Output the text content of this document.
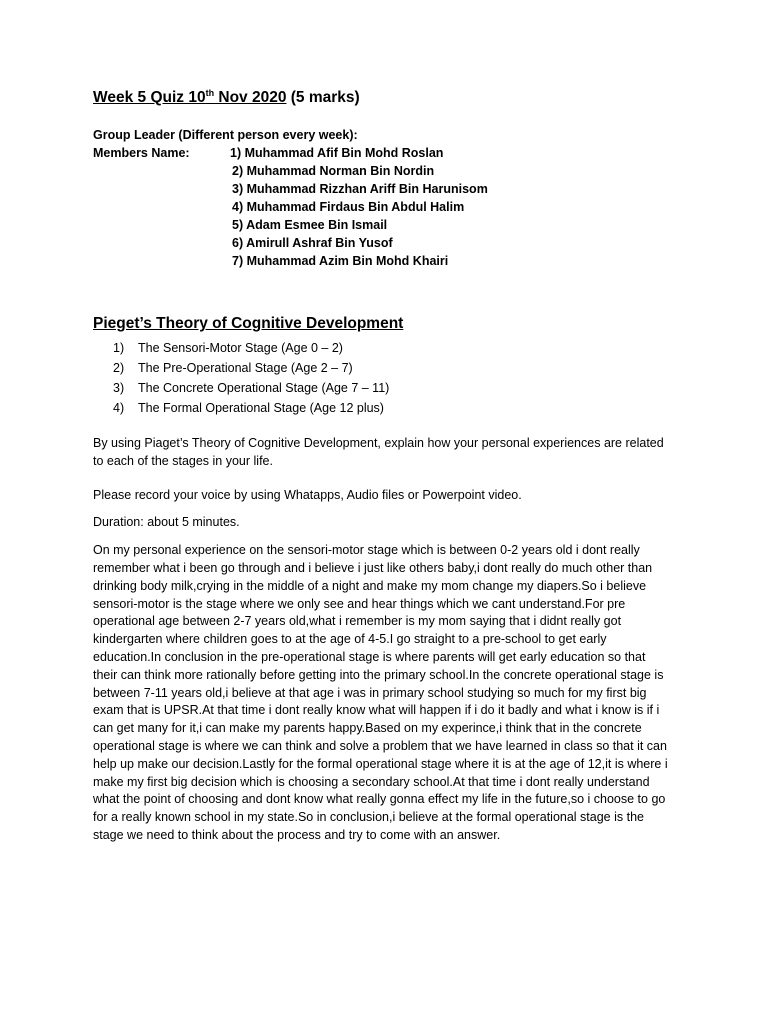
Week 5 Quiz 10th Nov 2020 (5 marks)
Group Leader (Different person every week):
Members Name:	1) Muhammad Afif Bin Mohd Roslan
2) Muhammad Norman Bin Nordin
3) Muhammad Rizzhan Ariff Bin Harunisom
4) Muhammad Firdaus Bin Abdul Halim
5) Adam Esmee Bin Ismail
6) Amirull Ashraf Bin Yusof
7) Muhammad Azim Bin Mohd Khairi
Pieget’s Theory of Cognitive Development
1)	The Sensori-Motor Stage (Age 0 – 2)
2)	The Pre-Operational Stage (Age 2 – 7)
3)	The Concrete Operational Stage (Age 7 – 11)
4)	The Formal Operational Stage (Age 12 plus)

By using Piaget’s Theory of Cognitive Development, explain how your personal experiences are related to each of the stages in your life.

Please record your voice by using Whatapps, Audio files or Powerpoint video.

Duration: about 5 minutes.

On my personal experience on the sensori-motor stage which is between 0-2 years old i dont really remember what i been go through and i believe i just like others baby,i dont really do much other than drinking body milk,crying in the middle of a night and make my mom change my diapers.So i believe sensori-motor is the stage where we only see and hear things which we cant understand.For pre operational age between 2-7 years old,what i remember is my mom saying that i didnt really got kindergarten where children goes to at the age of 4-5.I go straight to a pre-school to get early education.In conclusion in the pre-operational stage is where parents will get early education so that their can think more rationally before getting into the primary school.In the concrete operational stage is between 7-11 years old,i believe at that age i was in primary school studying so much for my first big exam that is UPSR.At that time i dont really know what will happen if i do it badly and what i know is if i can get many for it,i can make my parents happy.Based on my experince,i think that in the concrete operational stage is where we can think and solve a problem that we have learned in class so that it can help up make our decision.Lastly for the formal operational stage where it is at the age of 12,it is where i make my first big decision which is choosing a secondary school.At that time i dont really understand what the point of choosing and dont know what really gonna effect my life in the future,so i choose to go for a really known school in my state.So in conclusion,i believe at the formal operational stage is the stage we need to think about the process and try to come with an answer.
